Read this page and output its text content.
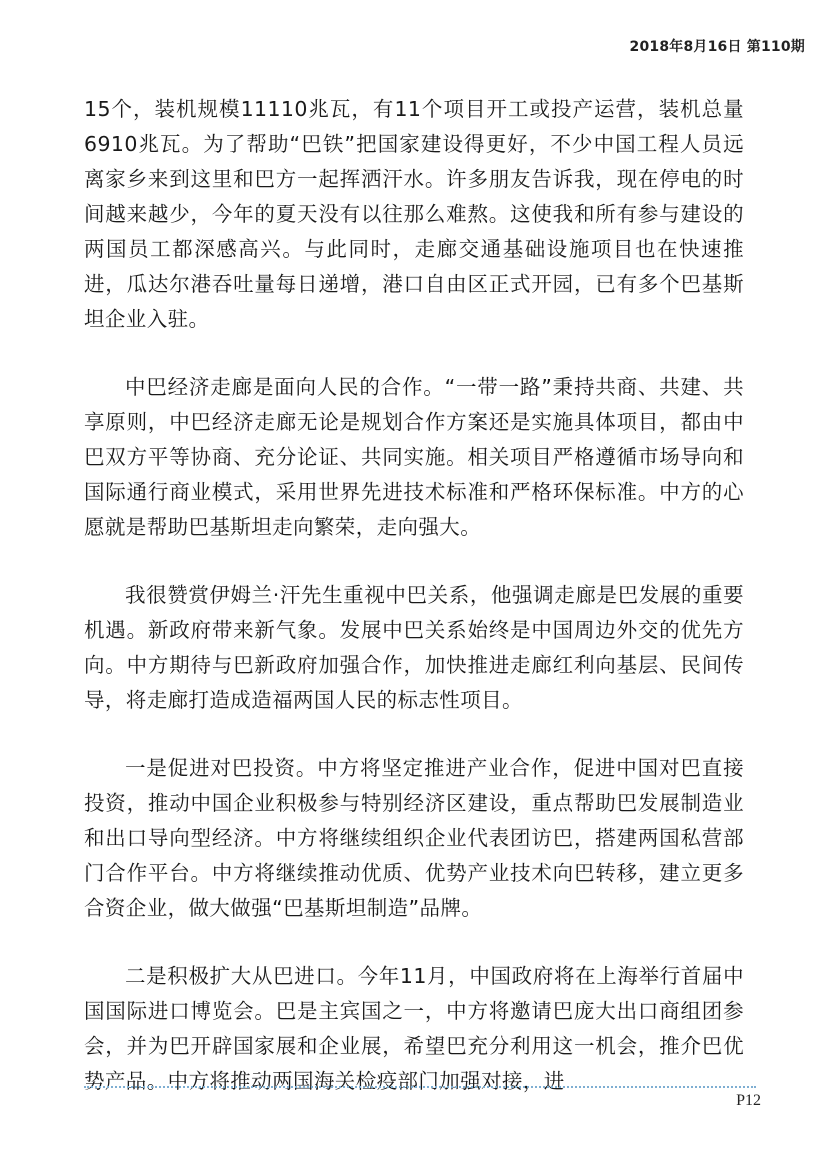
2018年8月16日 第110期

15个，装机规模11110兆瓦，有11个项目开工或投产运营，装机总量6910兆瓦。为了帮助“巴铁”把国家建设得更好，不少中国工程人员远离家乡来到这里和巴方一起挥洒汗水。许多朋友告诉我，现在停电的时间越来越少，今年的夏天没有以往那么难熬。这使我和所有参与建设的两国员工都深感高兴。与此同时，走廊交通基础设施项目也在快速推进，瓜达尔港吞吐量每日递增，港口自由区正式开园，已有多个巴基斯坦企业入驻。

中巴经济走廊是面向人民的合作。“一带一路”秉持共商、共建、共享原则，中巴经济走廊无论是规划合作方案还是实施具体项目，都由中巴双方平等协商、充分论证、共同实施。相关项目严格遵循市场导向和国际通行商业模式，采用世界先进技术标准和严格环保标准。中方的心愿就是帮助巴基斯坦走向繁荣，走向强大。

我很赞赏伊姆兰·汗先生重视中巴关系，他强调走廊是巴发展的重要机遇。新政府带来新气象。发展中巴关系始终是中国周边外交的优先方向。中方期待与巴新政府加强合作，加快推进走廊红利向基层、民间传导，将走廊打造成造福两国人民的标志性项目。

一是促进对巴投资。中方将坚定推进产业合作，促进中国对巴直接投资，推动中国企业积极参与特别经济区建设，重点帮助巴发展制造业和出口导向型经济。中方将继续组织企业代表团访巴，搭建两国私营部门合作平台。中方将继续推动优质、优势产业技术向巴转移，建立更多合资企业，做大做强“巴基斯坦制造”品牌。

二是积极扩大从巴进口。今年11月，中国政府将在上海举行首届中国国际进口博览会。巴是主宾国之一，中方将邀请巴庞大出口商组团参会，并为巴开辟国家展和企业展，希望巴充分利用这一机会，推介巴优势产品。中方将推动两国海关检疫部门加强对接，进

P12
